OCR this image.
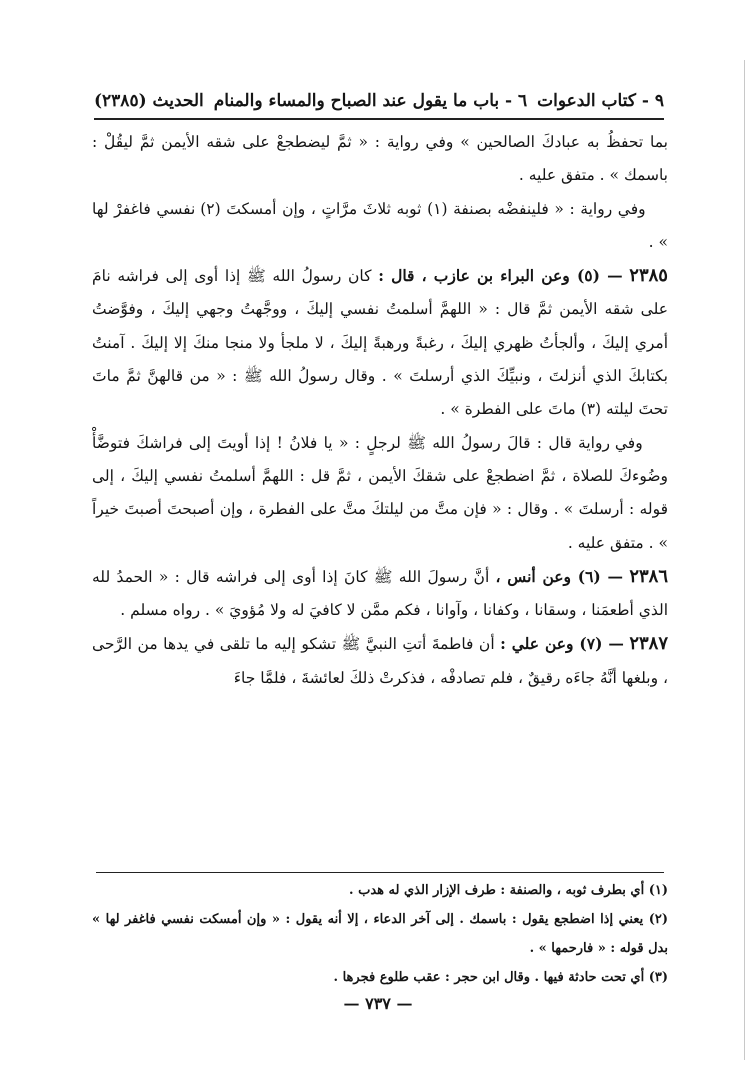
٩ - كتاب الدعوات
٦ - باب ما يقول عند الصباح والمساء والمنام
الحديث (٢٣٨٥)

بما تحفظُ به عبادكَ الصالحين » وفي رواية : « ثمَّ ليضطجعْ على شقه الأيمن ثمَّ ليقُلْ : باسمك » . متفق عليه .

وفي رواية : « فلينفضْه بصنفة (١) ثوبه ثلاثَ مرَّاتٍ ، وإن أمسكتَ (٢) نفسي فاغفرْ لها » .

٢٣٨٥ — (٥) وعن البراء بن عازب ، قال : كان رسولُ الله ﷺ إذا أوى إلى فراشه نامَ على شقه الأيمن ثمَّ قال : « اللهمَّ أسلمتُ نفسي إليكَ ، ووجَّهتُ وجهي إليكَ ، وفوَّضتُ أمري إليكَ ، وألجأتُ ظهري إليكَ ، رغبةً ورهبةً إليكَ ، لا ملجأ ولا منجا منكَ إلا إليكَ . آمنتُ بكتابكَ الذي أنزلتَ ، ونبيِّكَ الذي أرسلتَ » . وقال رسولُ الله ﷺ : « من قالهنَّ ثمَّ ماتَ تحتَ ليلته (٣) ماتَ على الفطرة » .

وفي رواية قال : قالَ رسولُ الله ﷺ لرجلٍ : « يا فلانُ ! إذا أويتَ إلى فراشكَ فتوضَّأْ وضُوءكَ للصلاة ، ثمَّ اضطجعْ على شقكَ الأيمن ، ثمَّ قل : اللهمَّ أسلمتُ نفسي إليكَ ، إلى قوله : أرسلتَ » . وقال : « فإن متَّ من ليلتكَ متَّ على الفطرة ، وإن أصبحتَ أصبتَ خيراً » . متفق عليه .

٢٣٨٦ — (٦) وعن أنس ، أنَّ رسولَ الله ﷺ كانَ إذا أوى إلى فراشه قال : « الحمدُ لله الذي أطعمَنا ، وسقانا ، وكفانا ، وآوانا ، فكم ممَّن لا كافيَ له ولا مُؤويَ » . رواه مسلم .

٢٣٨٧ — (٧) وعن علي : أن فاطمةَ أتتِ النبيَّ ﷺ تشكو إليه ما تلقى في يدها من الرَّحى ، وبلغها أنَّهُ جاءَه رقيقٌ ، فلم تصادفْه ، فذكرتْ ذلكَ لعائشةَ ، فلمَّا جاءَ

(١) أي بطرف ثوبه ، والصنفة : طرف الإزار الذي له هدب .

(٢) يعني إذا اضطجع يقول : باسمك . إلى آخر الدعاء ، إلا أنه يقول : « وإن أمسكت نفسي فاغفر لها » بدل قوله : « فارحمها » .

(٣) أي تحت حادثة فيها . وقال ابن حجر : عقب طلوع فجرها .

— ٧٣٧ —
